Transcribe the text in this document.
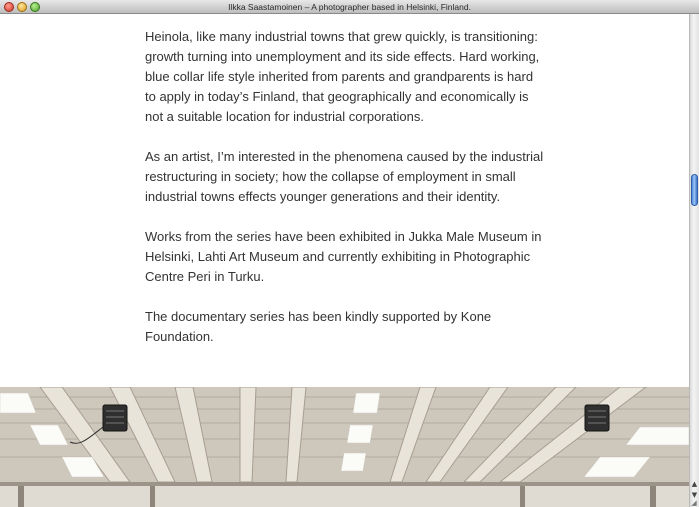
Ilkka Saastamoinen – A photographer based in Helsinki, Finland.

Heinola, like many industrial towns that grew quickly, is transitioning: growth turning into unemployment and its side effects. Hard working, blue collar life style inherited from parents and grandparents is hard to apply in today’s Finland, that geographically and economically is not a suitable location for industrial corporations.

As an artist, I’m interested in the phenomena caused by the industrial restructuring in society; how the collapse of employment in small industrial towns effects younger generations and their identity.

Works from the series have been exhibited in Jukka Male Museum in Helsinki, Lahti Art Museum and currently exhibiting in Photographic Centre Peri in Turku.

The documentary series has been kindly supported by Kone Foundation.

▲
▼
◢
